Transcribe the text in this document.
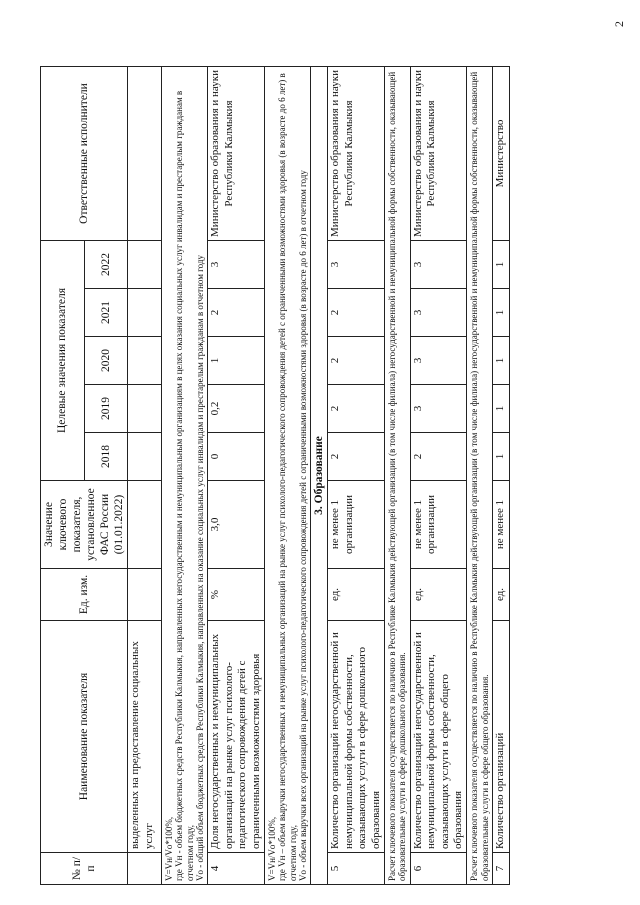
2
№ п/п	Наименование показателя	Ед. изм.	Значение ключевого показателя, установленное ФАС России (01.01.2022)	Целевые значения показателя					Ответственные исполнители
				2018	2019	2020	2021	2022	
	выделенных на предоставление социальных услуг								

V=Vн/Vо*100%, где Vн - объем бюджетных средств Республики Калмыкия, направленных негосударственным и немуниципальным организациям в целях оказания социальных услуг инвалидам и престарелым гражданам в отчетном году, Vо - общий объем бюджетных средств Республики Калмыкия, направленных на оказание социальных услуг инвалидам и престарелым гражданам в отчетном году									

4	Доля негосударственных и немуниципальных организаций на рынке услуг психолого-педагогического сопровождения детей с ограниченными возможностями здоровья	%	3,0	0	0,2	1	2	3	Министерство образования и науки Республики Калмыкия

V=Vн/Vо*100%, где Vн – объем выручки негосударственных и немуниципальных организаций на рынке услуг психолого-педагогического сопровождения детей с ограниченными возможностями здоровья (в возрасте до 6 лет) в отчетном году, Vо - объем выручки всех организаций на рынке услуг психолого-педагогического сопровождения детей с ограниченными возможностями здоровья (в возрасте до 6 лет) в отчетном году									

3. Образование									
5	Количество организаций негосударственной и немуниципальной формы собственности, оказывающих услуги в сфере дошкольного образования	ед.	не менее 1 организации	2	2	2	2	3	Министерство образования и науки Республики Калмыкия
Расчет ключевого показателя осуществляется по наличию в Республике Калмыкия действующей организации (в том числе филиала) негосударственной и немуниципальной формы собственности, оказывающей образовательные услуги в сфере дошкольного образования.									
6	Количество организаций негосударственной и немуниципальной формы собственности, оказывающих услуги в сфере общего образования	ед.	не менее 1 организации	2	3	3	3	3	Министерство образования и науки Республики Калмыкия
Расчет ключевого показателя осуществляется по наличию в Республике Калмыкия действующей организации (в том числе филиала) негосударственной и немуниципальной формы собственности, оказывающей образовательные услуги в сфере общего образования.									
7	Количество организаций	ед.	не менее 1	1	1	1	1	1	Министерство
